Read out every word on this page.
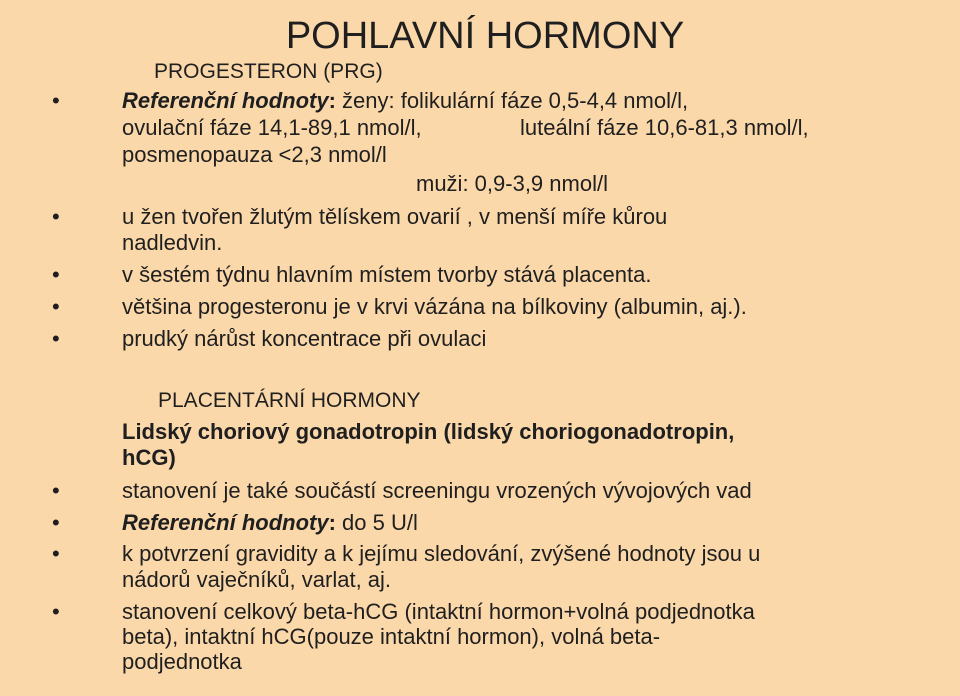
POHLAVNÍ HORMONY
PROGESTERON (PRG)
•	Referenční hodnoty: ženy: folikulární fáze 0,5-4,4 nmol/l,
ovulační fáze 14,1-89,1 nmol/l,	luteální fáze 10,6-81,3 nmol/l,
posmenopauza <2,3 nmol/l
muži: 0,9-3,9 nmol/l
•	u žen tvořen žlutým tělískem ovarií , v menší míře kůrou
nadledvin.
•	v šestém týdnu hlavním místem tvorby stává placenta.
•	většina progesteronu je v krvi vázána na bílkoviny (albumin, aj.).
•	prudký nárůst koncentrace při ovulaci
PLACENTÁRNÍ HORMONY
Lidský choriový gonadotropin (lidský choriogonadotropin,
hCG)
•	stanovení je také součástí screeningu vrozených vývojových vad
•	Referenční hodnoty: do 5 U/l
•	k potvrzení gravidity a k jejímu sledování, zvýšené hodnoty jsou u
nádorů vaječníků, varlat, aj.
•	stanovení celkový beta-hCG (intaktní hormon+volná podjednotka
beta), intaktní hCG(pouze intaktní hormon), volná beta-
podjednotka
